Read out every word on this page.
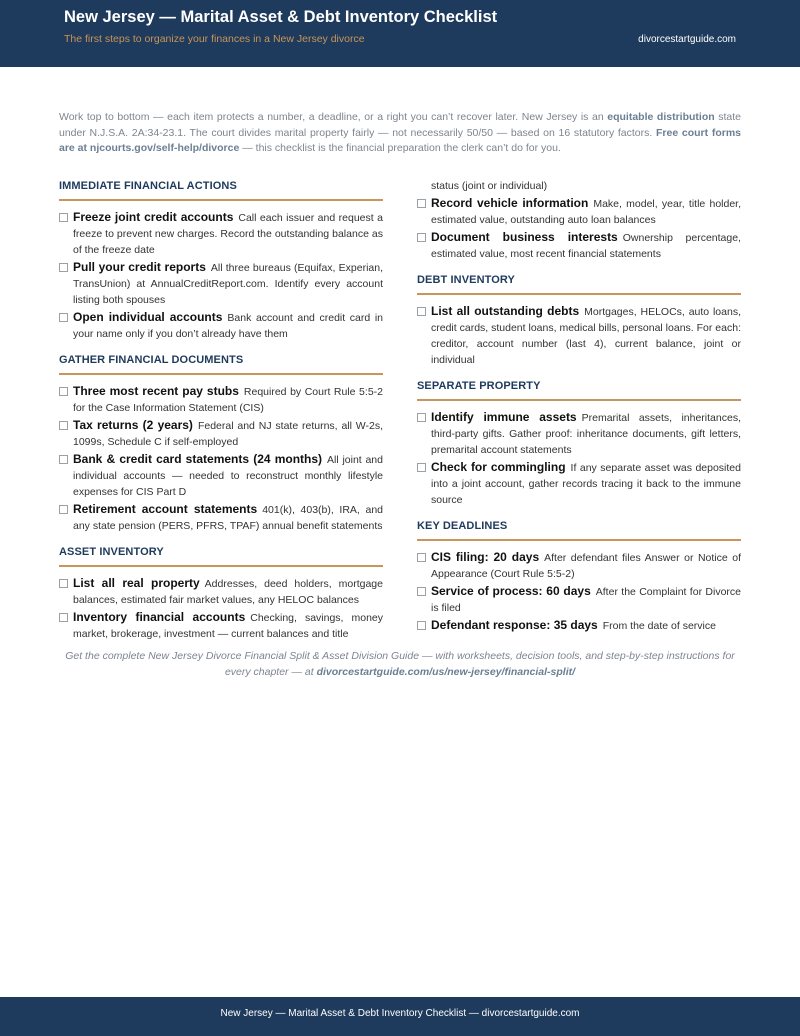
New Jersey — Marital Asset & Debt Inventory Checklist
The first steps to organize your finances in a New Jersey divorce	divorcestartguide.com

Work top to bottom — each item protects a number, a deadline, or a right you can’t recover later. New Jersey is an equitable distribution state under N.J.S.A. 2A:34-23.1. The court divides marital property fairly — not necessarily 50/50 — based on 16 statutory factors. Free court forms are at njcourts.gov/self-help/divorce — this checklist is the financial preparation the clerk can’t do for you.

IMMEDIATE FINANCIAL ACTIONS
Freeze joint credit accounts Call each issuer and request a freeze to prevent new charges. Record the outstanding balance as of the freeze date
Pull your credit reports All three bureaus (Equifax, Experian, TransUnion) at AnnualCreditReport.com. Identify every account listing both spouses
Open individual accounts Bank account and credit card in your name only if you don’t already have them
GATHER FINANCIAL DOCUMENTS
Three most recent pay stubs Required by Court Rule 5:5-2 for the Case Information Statement (CIS)
Tax returns (2 years) Federal and NJ state returns, all W-2s, 1099s, Schedule C if self-employed
Bank & credit card statements (24 months) All joint and individual accounts — needed to reconstruct monthly lifestyle expenses for CIS Part D
Retirement account statements 401(k), 403(b), IRA, and any state pension (PERS, PFRS, TPAF) annual benefit statements
ASSET INVENTORY
List all real property Addresses, deed holders, mortgage balances, estimated fair market values, any HELOC balances
Inventory financial accounts Checking, savings, money market, brokerage, investment — current balances and title
status (joint or individual)
Record vehicle information Make, model, year, title holder, estimated value, outstanding auto loan balances
Document business interests Ownership percentage, estimated value, most recent financial statements
DEBT INVENTORY
List all outstanding debts Mortgages, HELOCs, auto loans, credit cards, student loans, medical bills, personal loans. For each: creditor, account number (last 4), current balance, joint or individual
SEPARATE PROPERTY
Identify immune assets Premarital assets, inheritances, third-party gifts. Gather proof: inheritance documents, gift letters, premarital account statements
Check for commingling If any separate asset was deposited into a joint account, gather records tracing it back to the immune source
KEY DEADLINES
CIS filing: 20 days After defendant files Answer or Notice of Appearance (Court Rule 5:5-2)
Service of process: 60 days After the Complaint for Divorce is filed
Defendant response: 35 days From the date of service

Get the complete New Jersey Divorce Financial Split & Asset Division Guide — with worksheets, decision tools, and step-by-step instructions for every chapter — at divorcestartguide.com/us/new-jersey/financial-split/

New Jersey — Marital Asset & Debt Inventory Checklist — divorcestartguide.com
